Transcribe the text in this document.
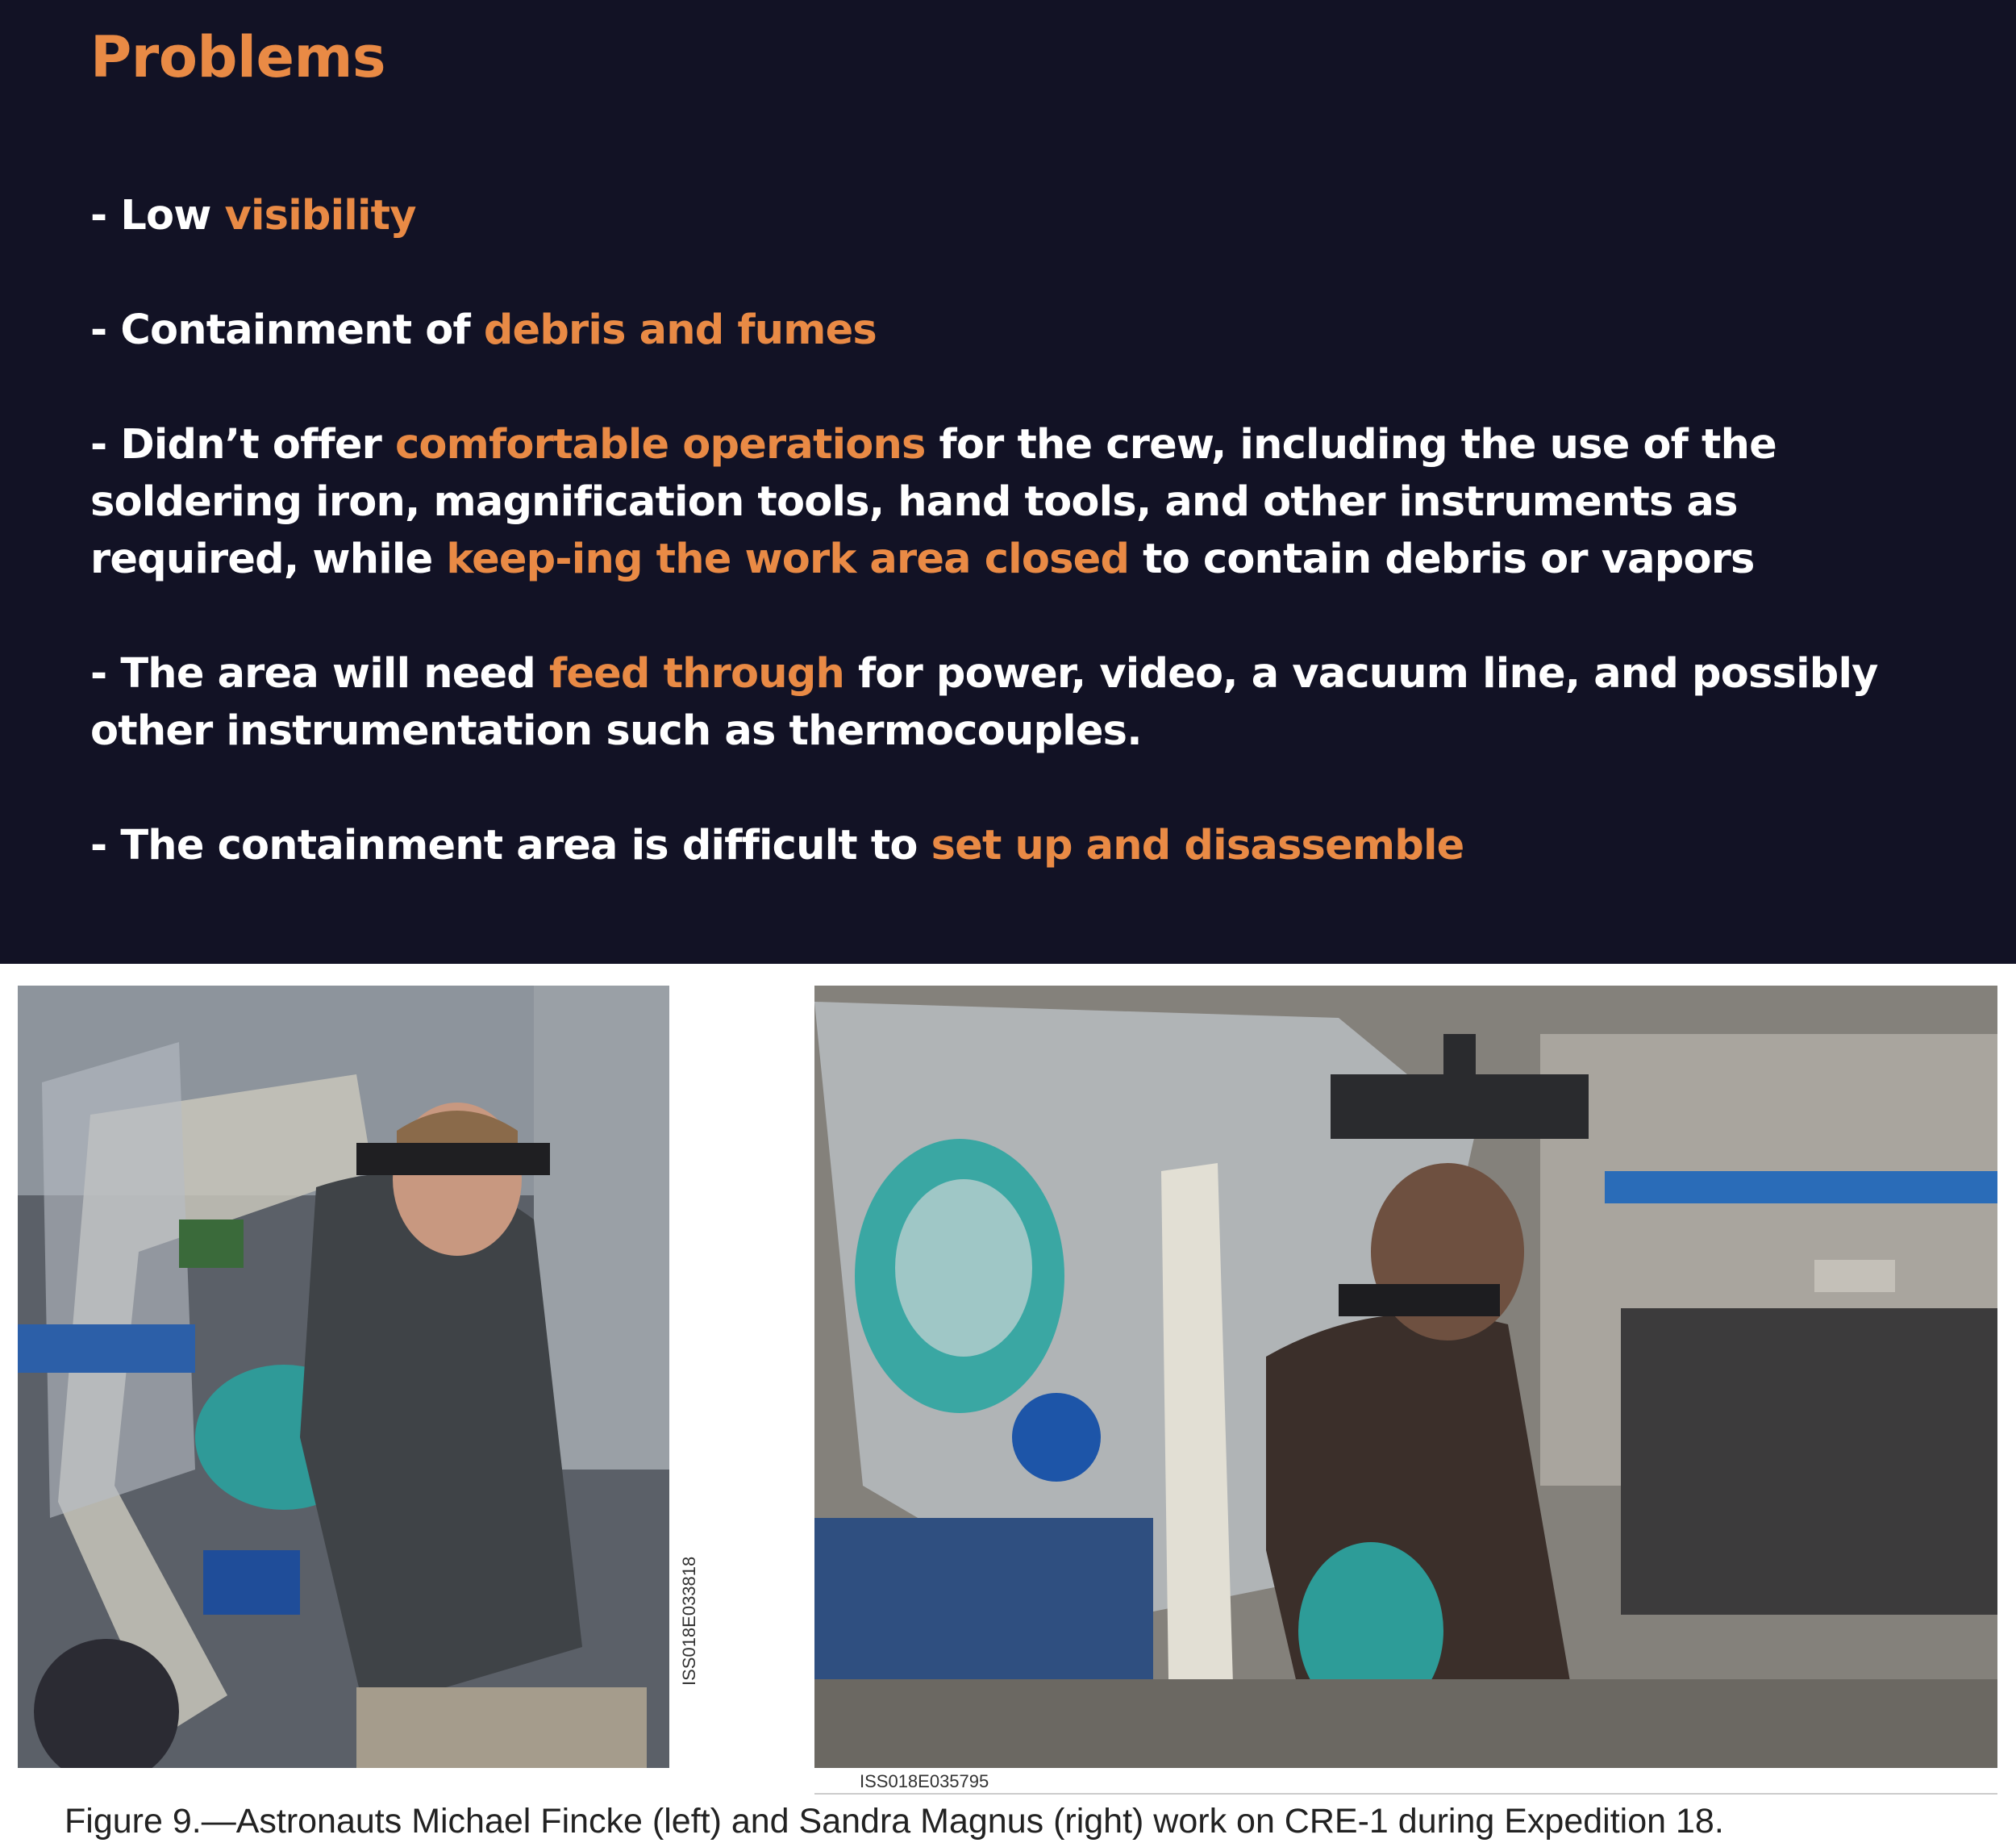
Problems
- Low visibility
- Containment of debris and fumes
- Didn’t offer comfortable operations for the crew, including the use of the soldering iron, magnification tools, hand tools, and other instruments as required, while keep-ing the work area closed to contain debris or vapors
- The area will need feed through for power, video, a vacuum line, and possibly other instrumentation such as thermocouples.
- The containment area is difficult to set up and disassemble
ISS018E033818
ISS018E035795
Figure 9.—Astronauts Michael Fincke (left) and Sandra Magnus (right) work on CRE-1 during Expedition 18.
